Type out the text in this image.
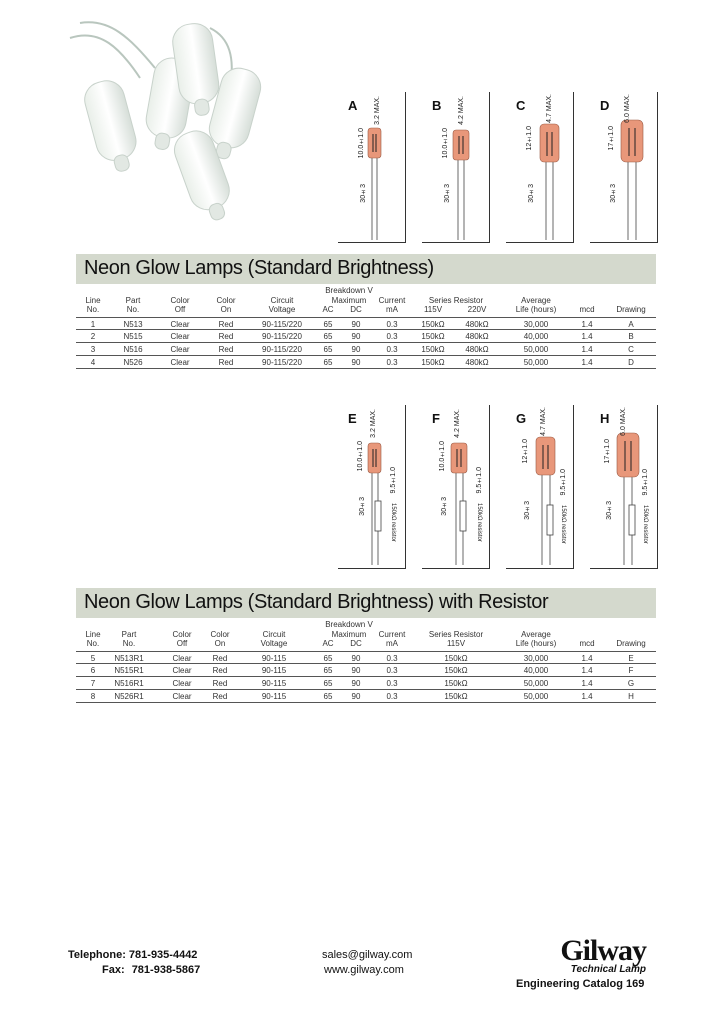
A
3.2 MAX.
10.0±1.0
30±3
B
4.2 MAX.
10.0±1.0
30±3
C
4.7 MAX.
12±1.0
30±3
D
6.0 MAX.
17±1.0
30±3
Neon Glow Lamps (Standard Brightness)
Breakdown V
Line
No.
Part
No.
Color
Off
Color
On
Circuit
Voltage
Maximum
AC	DC
Current
mA
Series Resistor
115V	220V
Average
Life (hours)	mcd	Drawing
1	N513	Clear	Red	90-115/220	65	90	0.3	150kΩ	480kΩ	30,000	1.4	A
2	N515	Clear	Red	90-115/220	65	90	0.3	150kΩ	480kΩ	40,000	1.4	B
3	N516	Clear	Red	90-115/220	65	90	0.3	150kΩ	480kΩ	50,000	1.4	C
4	N526	Clear	Red	90-115/220	65	90	0.3	150kΩ	480kΩ	50,000	1.4	D
E
3.2 MAX.
10.0±1.0
30±3
9.5±1.0
150kΩ resistor
F
4.2 MAX.
10.0±1.0
30±3
9.5±1.0
150kΩ resistor
G
4.7 MAX.
12±1.0
30±3
9.5±1.0
150kΩ resistor
H
6.0 MAX.
17±1.0
30±3
9.5±1.0
150kΩ resistor
Neon Glow Lamps (Standard Brightness) with Resistor
Breakdown V
Line
No.
Part
No.
Color
Off
Color
On
Circuit
Voltage
Maximum
AC	DC
Current
mA
Series Resistor
115V
Average
Life (hours)	mcd	Drawing
5	N513R1	Clear	Red	90-115	65	90	0.3	150kΩ	30,000	1.4	E
6	N515R1	Clear	Red	90-115	65	90	0.3	150kΩ	40,000	1.4	F
7	N516R1	Clear	Red	90-115	65	90	0.3	150kΩ	50,000	1.4	G
8	N526R1	Clear	Red	90-115	65	90	0.3	150kΩ	50,000	1.4	H
Telephone: 781-935-4442
Fax: 781-938-5867
sales@gilway.com
www.gilway.com
Gilway
Technical Lamp
Engineering Catalog 169
